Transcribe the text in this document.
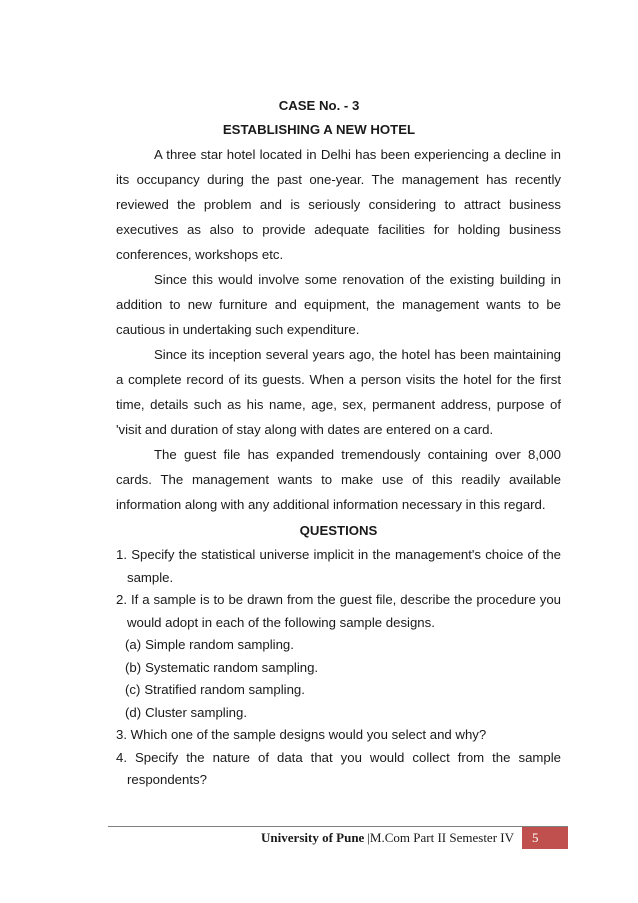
CASE No. - 3
ESTABLISHING A NEW HOTEL

A three star hotel located in Delhi has been experiencing a decline in its occupancy during the past one-year. The management has recently reviewed the problem and is seriously considering to attract business executives as also to provide adequate facilities for holding business conferences, workshops etc.

Since this would involve some renovation of the existing building in addition to new furniture and equipment, the management wants to be cautious in undertaking such expenditure.

Since its inception several years ago, the hotel has been maintaining a complete record of its guests. When a person visits the hotel for the first time, details such as his name, age, sex, permanent address, purpose of 'visit and duration of stay along with dates are entered on a card.

The guest file has expanded tremendously containing over 8,000 cards. The management wants to make use of this readily available information along with any additional information necessary in this regard.

QUESTIONS

1. Specify the statistical universe implicit in the management's choice of the sample.
2. If a sample is to be drawn from the guest file, describe the procedure you would adopt in each of the following sample designs.
(a) Simple random sampling.
(b) Systematic random sampling.
(c) Stratified random sampling.
(d) Cluster sampling.
3. Which one of the sample designs would you select and why?
4. Specify the nature of data that you would collect from the sample respondents?
University of Pune |M.Com Part II Semester IV	5
